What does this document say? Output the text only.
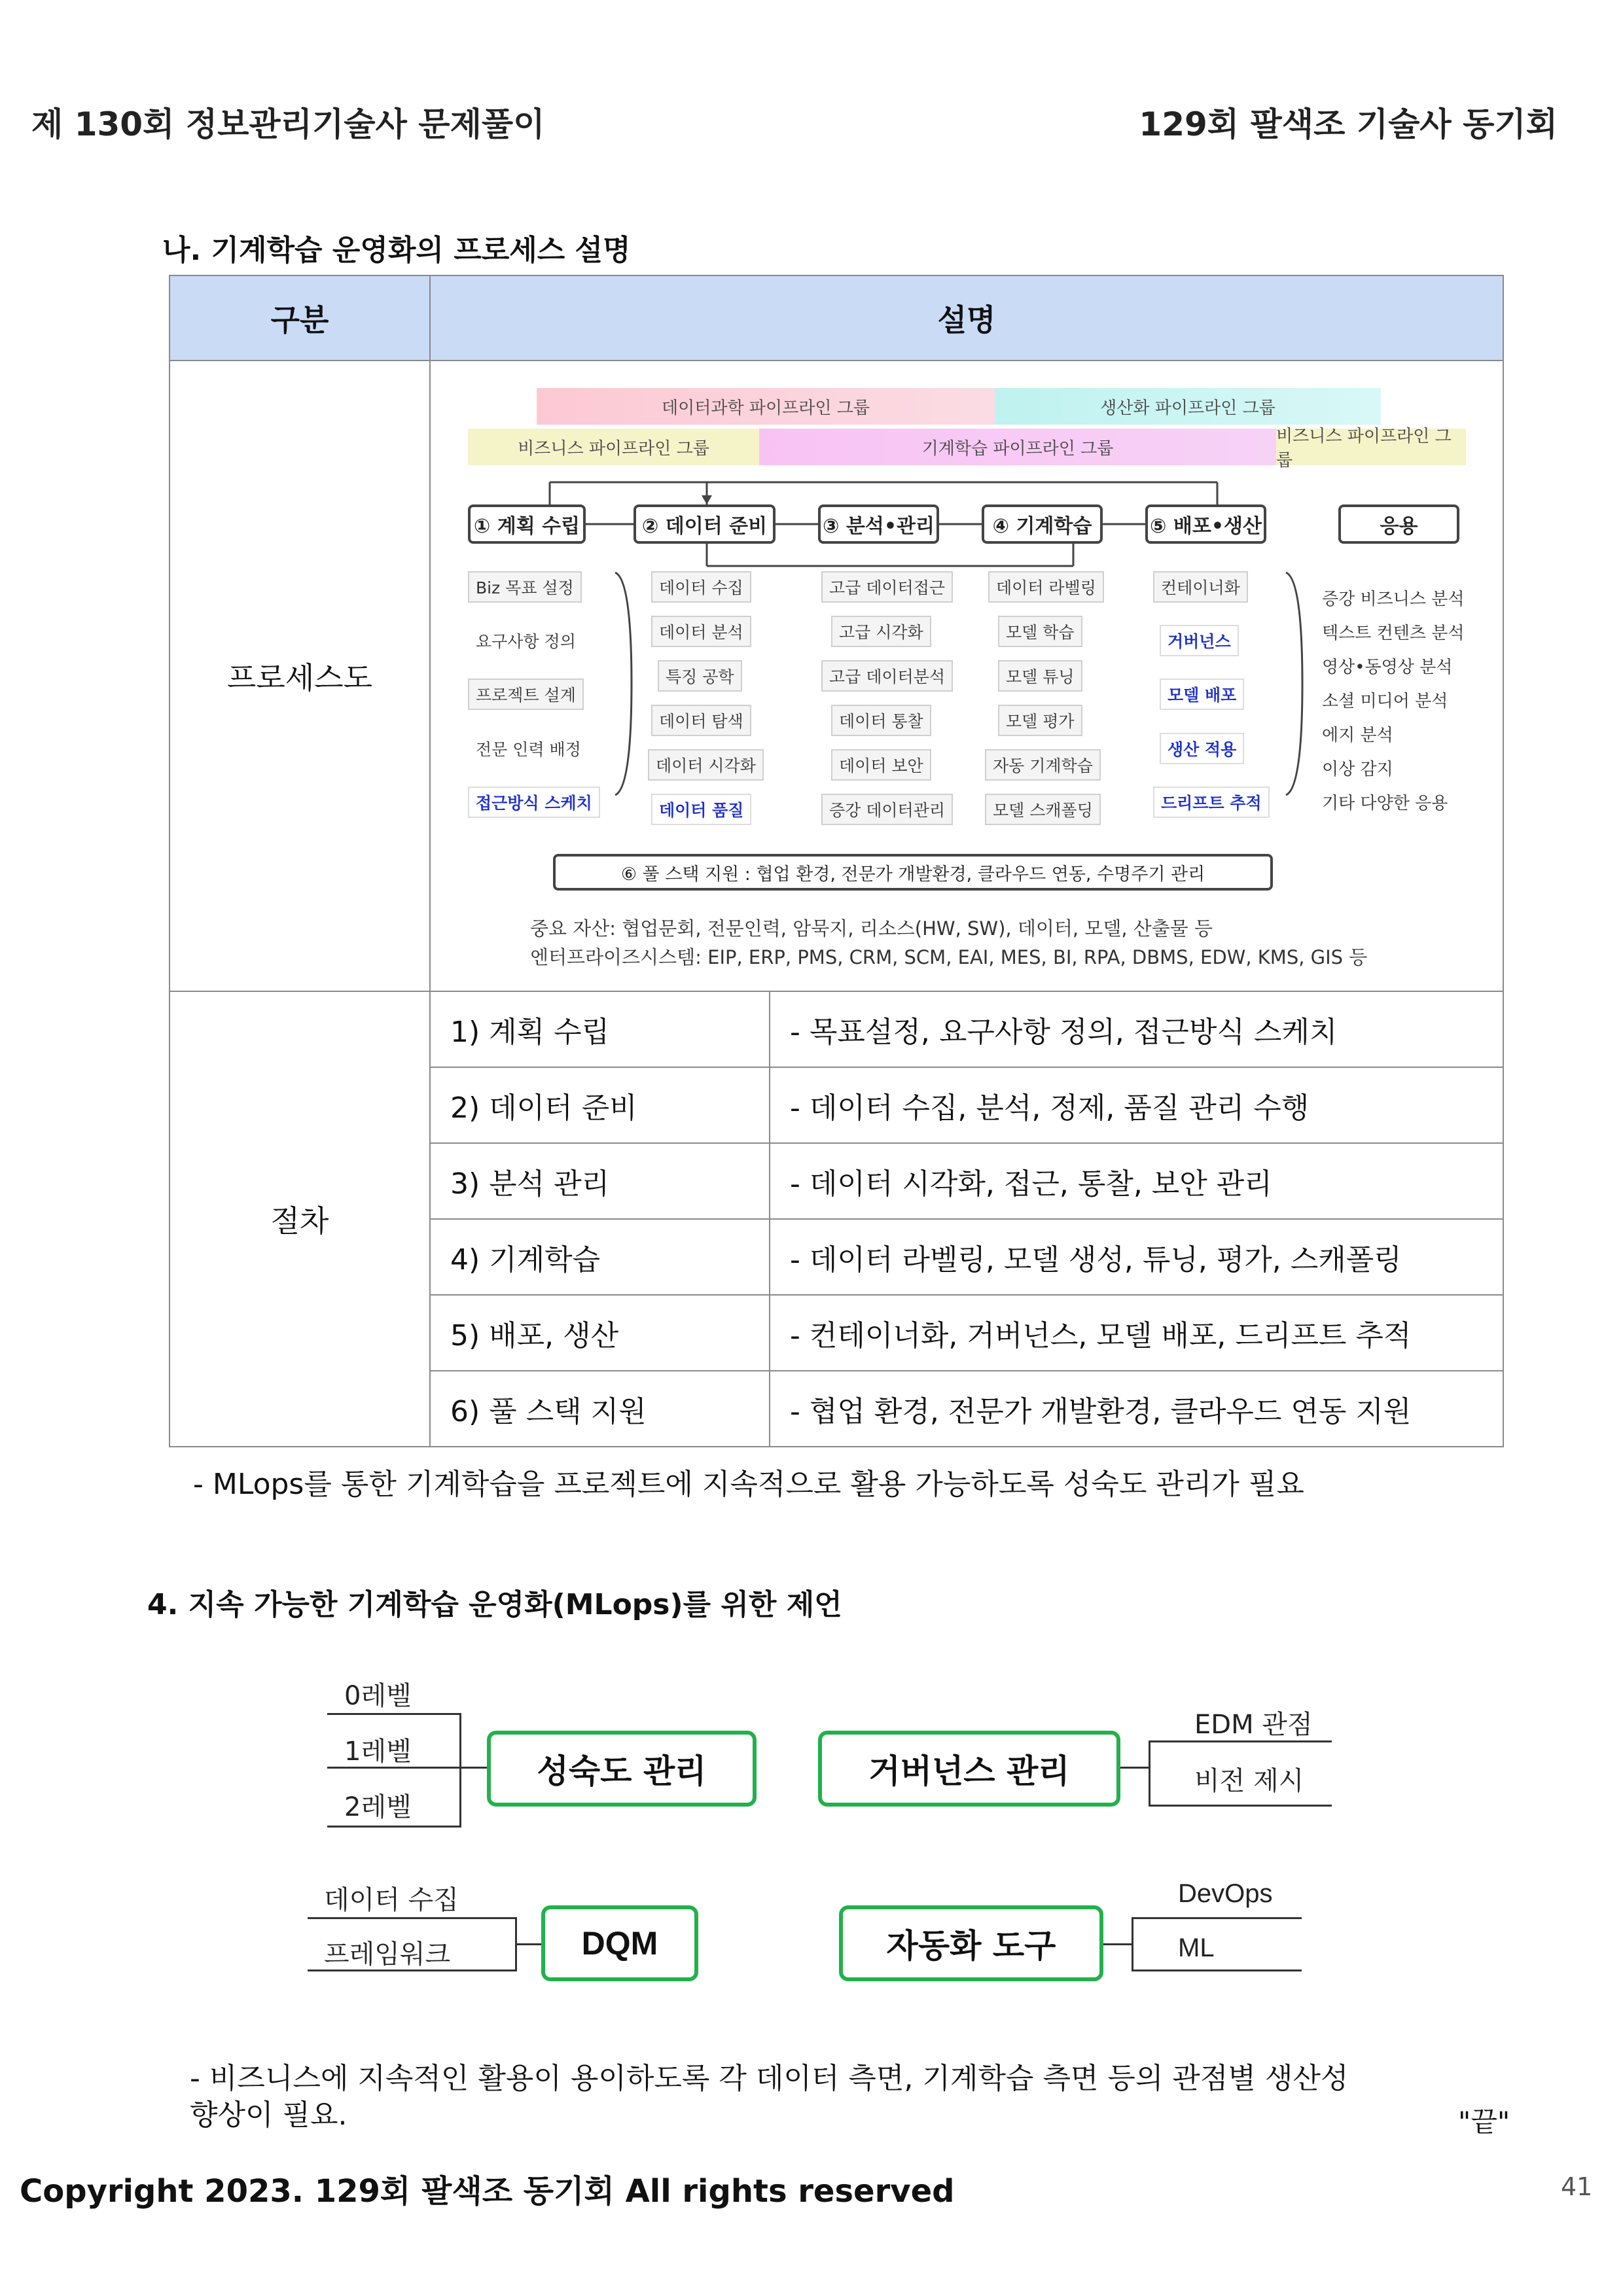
제 130회 정보관리기술사 문제풀이	129회 팔색조 기술사 동기회
나. 기계학습 운영화의 프로세스 설명
구분	설명	
프로세스도		
절차	1) 계획 수립	- 목표설정, 요구사항 정의, 접근방식 스케치
	2) 데이터 준비	- 데이터 수집, 분석, 정제, 품질 관리 수행
	3) 분석 관리	- 데이터 시각화, 접근, 통찰, 보안 관리
	4) 기계학습	- 데이터 라벨링, 모델 생성, 튜닝, 평가, 스캐폴링
	5) 배포, 생산	- 컨테이너화, 거버넌스, 모델 배포, 드리프트 추적
	6) 풀 스택 지원	- 협업 환경, 전문가 개발환경, 클라우드 연동 지원
데이터과학 파이프라인 그룹	생산화 파이프라인 그룹
비즈니스 파이프라인 그룹	기계학습 파이프라인 그룹
비즈니스 파이프라인 그룹
① 계획 수립	② 데이터 준비	③ 분석•관리	④ 기계학습	⑤ 배포•생산	응용
Biz 목표 설정
요구사항 정의
프로젝트 설계
전문 인력 배정
접근방식 스케치
데이터 수집
데이터 분석
특징 공학
데이터 탐색
데이터 시각화
데이터 품질
고급 데이터접근
고급 시각화
고급 데이터분석
데이터 통찰
데이터 보안
증강 데이터관리
데이터 라벨링
모델 학습
모델 튜닝
모델 평가
자동 기계학습
모델 스캐폴딩
컨테이너화
거버넌스
모델 배포
생산 적용
드리프트 추적
증강 비즈니스 분석
텍스트 컨텐츠 분석
영상•동영상 분석
소셜 미디어 분석
에지 분석
이상 감지
기타 다양한 응용
⑥ 풀 스택 지원 : 협업 환경, 전문가 개발환경, 클라우드 연동, 수명주기 관리
중요 자산: 협업문회, 전문인력, 암묵지, 리소스(HW, SW), 데이터, 모델, 산출물 등
엔터프라이즈시스템: EIP, ERP, PMS, CRM, SCM, EAI, MES, BI, RPA, DBMS, EDW, KMS, GIS 등
- MLops를 통한 기계학습을 프로젝트에 지속적으로 활용 가능하도록 성숙도 관리가 필요
4. 지속 가능한 기계학습 운영화(MLops)를 위한 제언
0레벨
1레벨
2레벨
성숙도 관리	거버넌스 관리
EDM 관점
비전 제시
데이터 수집
프레임워크	DQM	자동화 도구
DevOps
ML
- 비즈니스에 지속적인 활용이 용이하도록 각 데이터 측면, 기계학습 측면 등의 관점별 생산성
향상이 필요.	"끝"
Copyright 2023. 129회 팔색조 동기회 All rights reserved	41
